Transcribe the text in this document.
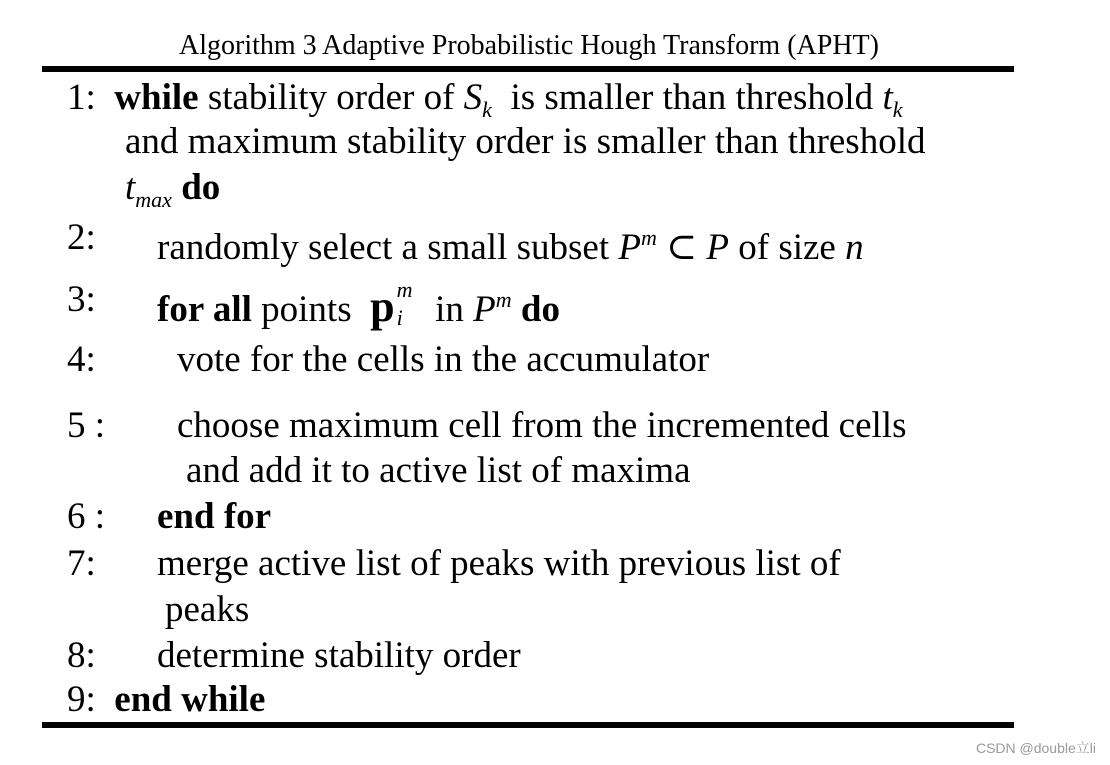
Algorithm 3 Adaptive Probabilistic Hough Transform (APHT)
1: while stability order of $S_k$ is smaller than threshold $t_k$
and maximum stability order is smaller than threshold
$t_{max}$ do
2: randomly select a small subset $P^m$ ⊂ P of size n
3: for all points p m
i in $P^m$ do
4: vote for the cells in the accumulator
5 : choose maximum cell from the incremented cells
and add it to active list of maxima
6 : end for
7: merge active list of peaks with previous list of
peaks
8: determine stability order
9: end while
CSDN @double立li
